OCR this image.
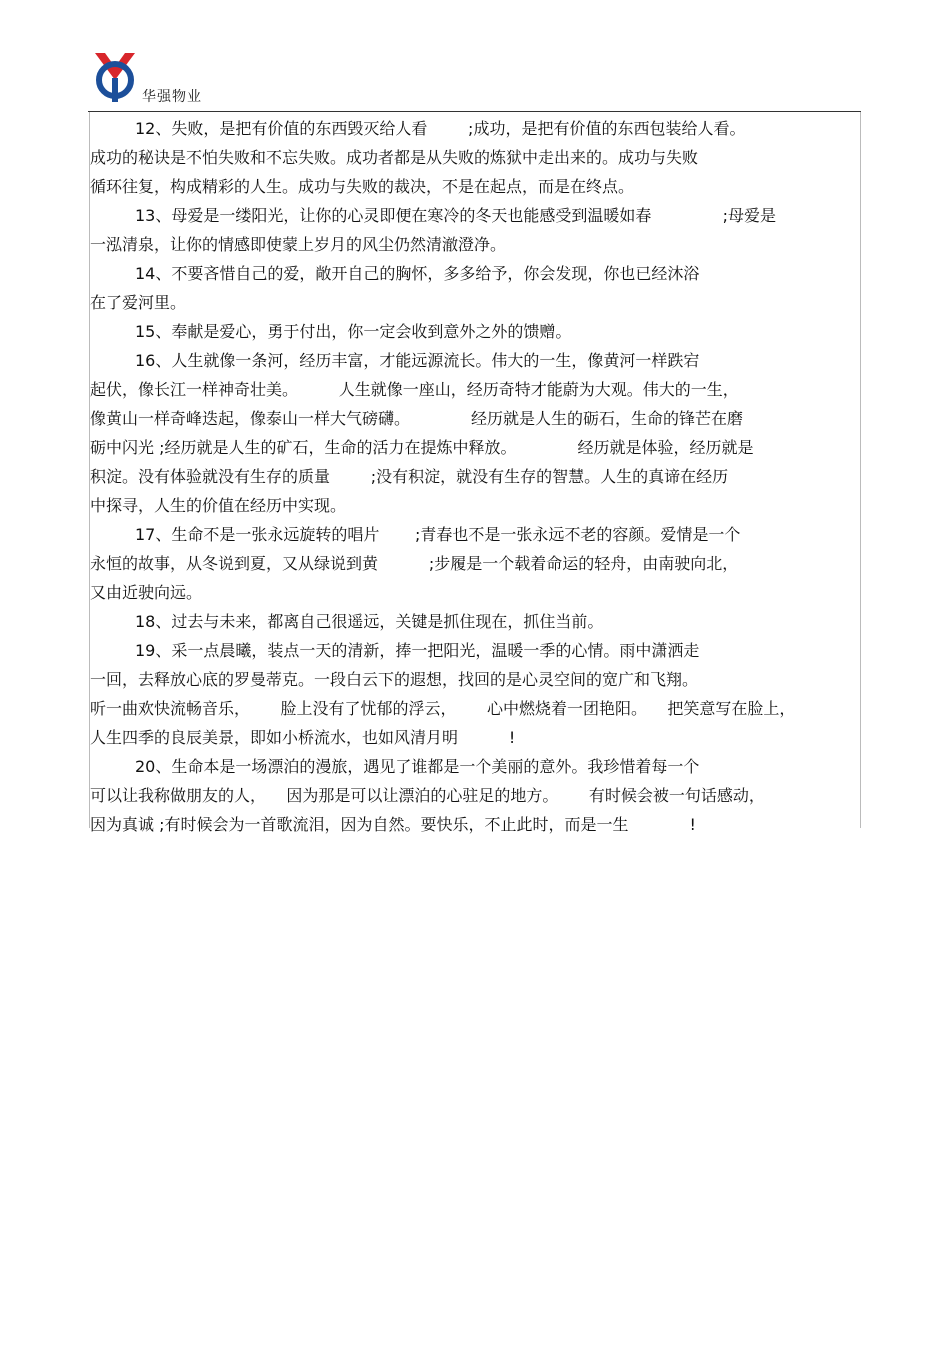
华强物业
12、失败，是把有价值的东西毁灭给人看        ;成功，是把有价值的东西包装给人看。
成功的秘诀是不怕失败和不忘失败。成功者都是从失败的炼狱中走出来的。成功与失败
循环往复，构成精彩的人生。成功与失败的裁决，不是在起点，而是在终点。
13、母爱是一缕阳光，让你的心灵即便在寒冷的冬天也能感受到温暖如春              ;母爱是
一泓清泉，让你的情感即使蒙上岁月的风尘仍然清澈澄净。
14、不要吝惜自己的爱，敞开自己的胸怀，多多给予，你会发现，你也已经沐浴
在了爱河里。
15、奉献是爱心，勇于付出，你一定会收到意外之外的馈赠。
16、人生就像一条河，经历丰富，才能远源流长。伟大的一生，像黄河一样跌宕
起伏，像长江一样神奇壮美。        人生就像一座山，经历奇特才能蔚为大观。伟大的一生，
像黄山一样奇峰迭起，像泰山一样大气磅礴。            经历就是人生的砺石，生命的锋芒在磨
砺中闪光 ;经历就是人生的矿石，生命的活力在提炼中释放。            经历就是体验，经历就是
积淀。没有体验就没有生存的质量        ;没有积淀，就没有生存的智慧。人生的真谛在经历
中探寻，人生的价值在经历中实现。
17、生命不是一张永远旋转的唱片       ;青春也不是一张永远不老的容颜。爱情是一个
永恒的故事，从冬说到夏，又从绿说到黄          ;步履是一个载着命运的轻舟，由南驶向北，
又由近驶向远。
18、过去与未来，都离自己很遥远，关键是抓住现在，抓住当前。
19、采一点晨曦，装点一天的清新，捧一把阳光，温暖一季的心情。雨中潇洒走
一回，去释放心底的罗曼蒂克。一段白云下的遐想，找回的是心灵空间的宽广和飞翔。
听一曲欢快流畅音乐，      脸上没有了忧郁的浮云，      心中燃烧着一团艳阳。    把笑意写在脸上，
人生四季的良辰美景，即如小桥流水，也如风清月明          !
20、生命本是一场漂泊的漫旅，遇见了谁都是一个美丽的意外。我珍惜着每一个
可以让我称做朋友的人，    因为那是可以让漂泊的心驻足的地方。      有时候会被一句话感动，
因为真诚 ;有时候会为一首歌流泪，因为自然。要快乐，不止此时，而是一生            !
